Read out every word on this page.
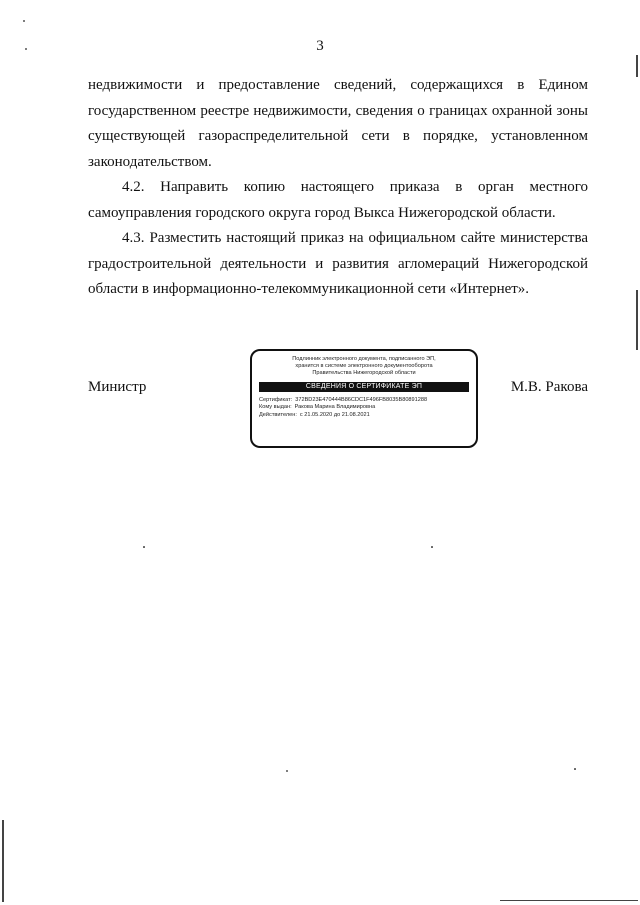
3

недвижимости и предоставление сведений, содержащихся в Едином
государственном реестре недвижимости, сведения о границах охранной зоны
существующей газораспределительной сети в порядке, установленном
законодательством.

4.2. Направить копию настоящего приказа в орган местного
самоуправления городского округа город Выкса Нижегородской области.

4.3. Разместить настоящий приказ на официальном сайте министерства
градостроительной деятельности и развития агломераций Нижегородской
области в информационно-телекоммуникационной сети «Интернет».

Министр	М.В. Ракова
Подлинник электронного документа, подписанного ЭП,
хранится в системе электронного документооборота
Правительства Нижегородской области
СВЕДЕНИЯ О СЕРТИФИКАТЕ ЭП
Сертификат: 372BD23E470444B86CDC1F496FB8035B80891288
Кому выдан: Ракова Марина Владимировна
Действителен: с 21.05.2020 до 21.08.2021
